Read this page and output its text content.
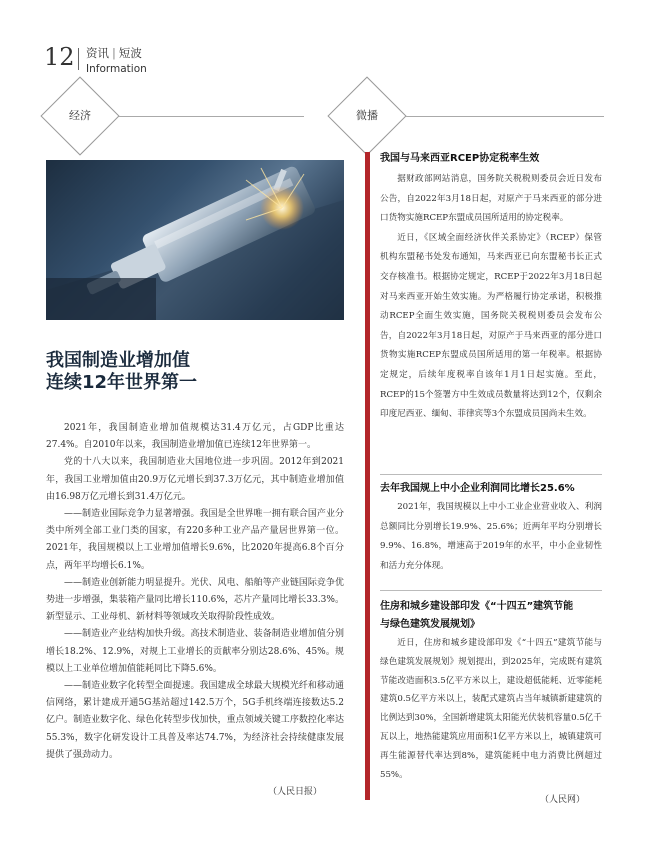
12 资讯 | 短波
Information
经济	微播
我国制造业增加值
连续12年世界第一

2021年，我国制造业增加值规模达31.4万亿元，占GDP比重达27.4%。自2010年以来，我国制造业增加值已连续12年世界第一。

党的十八大以来，我国制造业大国地位进一步巩固。2012年到2021年，我国工业增加值由20.9万亿元增长到37.3万亿元，其中制造业增加值由16.98万亿元增长到31.4万亿元。

——制造业国际竞争力显著增强。我国是全世界唯一拥有联合国产业分类中所列全部工业门类的国家，有220多种工业产品产量居世界第一位。2021年，我国规模以上工业增加值增长9.6%，比2020年提高6.8个百分点，两年平均增长6.1%。

——制造业创新能力明显提升。光伏、风电、船舶等产业链国际竞争优势进一步增强，集装箱产量同比增长110.6%，芯片产量同比增长33.3%。新型显示、工业母机、新材料等领域攻关取得阶段性成效。

——制造业产业结构加快升级。高技术制造业、装备制造业增加值分别增长18.2%、12.9%，对规上工业增长的贡献率分别达28.6%、45%。规模以上工业单位增加值能耗同比下降5.6%。

——制造业数字化转型全面提速。我国建成全球最大规模光纤和移动通信网络，累计建成开通5G基站超过142.5万个，5G手机终端连接数达5.2亿户。制造业数字化、绿色化转型步伐加快，重点领域关键工序数控化率达55.3%，数字化研发设计工具普及率达74.7%，为经济社会持续健康发展提供了强劲动力。

（人民日报）
我国与马来西亚RCEP协定税率生效

据财政部网站消息，国务院关税税则委员会近日发布公告，自2022年3月18日起，对原产于马来西亚的部分进口货物实施RCEP东盟成员国所适用的协定税率。

近日，《区域全面经济伙伴关系协定》（RCEP）保管机构东盟秘书处发布通知，马来西亚已向东盟秘书长正式交存核准书。根据协定规定，RCEP于2022年3月18日起对马来西亚开始生效实施。为严格履行协定承诺，积极推动RCEP全面生效实施，国务院关税税则委员会发布公告，自2022年3月18日起，对原产于马来西亚的部分进口货物实施RCEP东盟成员国所适用的第一年税率。根据协定规定，后续年度税率自该年1月1日起实施。至此，RCEP的15个签署方中生效成员数量将达到12个，仅剩余印度尼西亚、缅甸、菲律宾等3个东盟成员国尚未生效。

去年我国规上中小企业利润同比增长25.6%

2021年，我国规模以上中小工业企业营业收入、利润总额同比分别增长19.9%、25.6%；近两年平均分别增长9.9%、16.8%，增速高于2019年的水平，中小企业韧性和活力充分体现。

住房和城乡建设部印发《“十四五”建筑节能
与绿色建筑发展规划》

近日，住房和城乡建设部印发《“十四五”建筑节能与绿色建筑发展规划》规划提出，到2025年，完成既有建筑节能改造面积3.5亿平方米以上，建设超低能耗、近零能耗建筑0.5亿平方米以上，装配式建筑占当年城镇新建建筑的比例达到30%，全国新增建筑太阳能光伏装机容量0.5亿千瓦以上，地热能建筑应用面积1亿平方米以上，城镇建筑可再生能源替代率达到8%，建筑能耗中电力消费比例超过55%。

（人民网）
